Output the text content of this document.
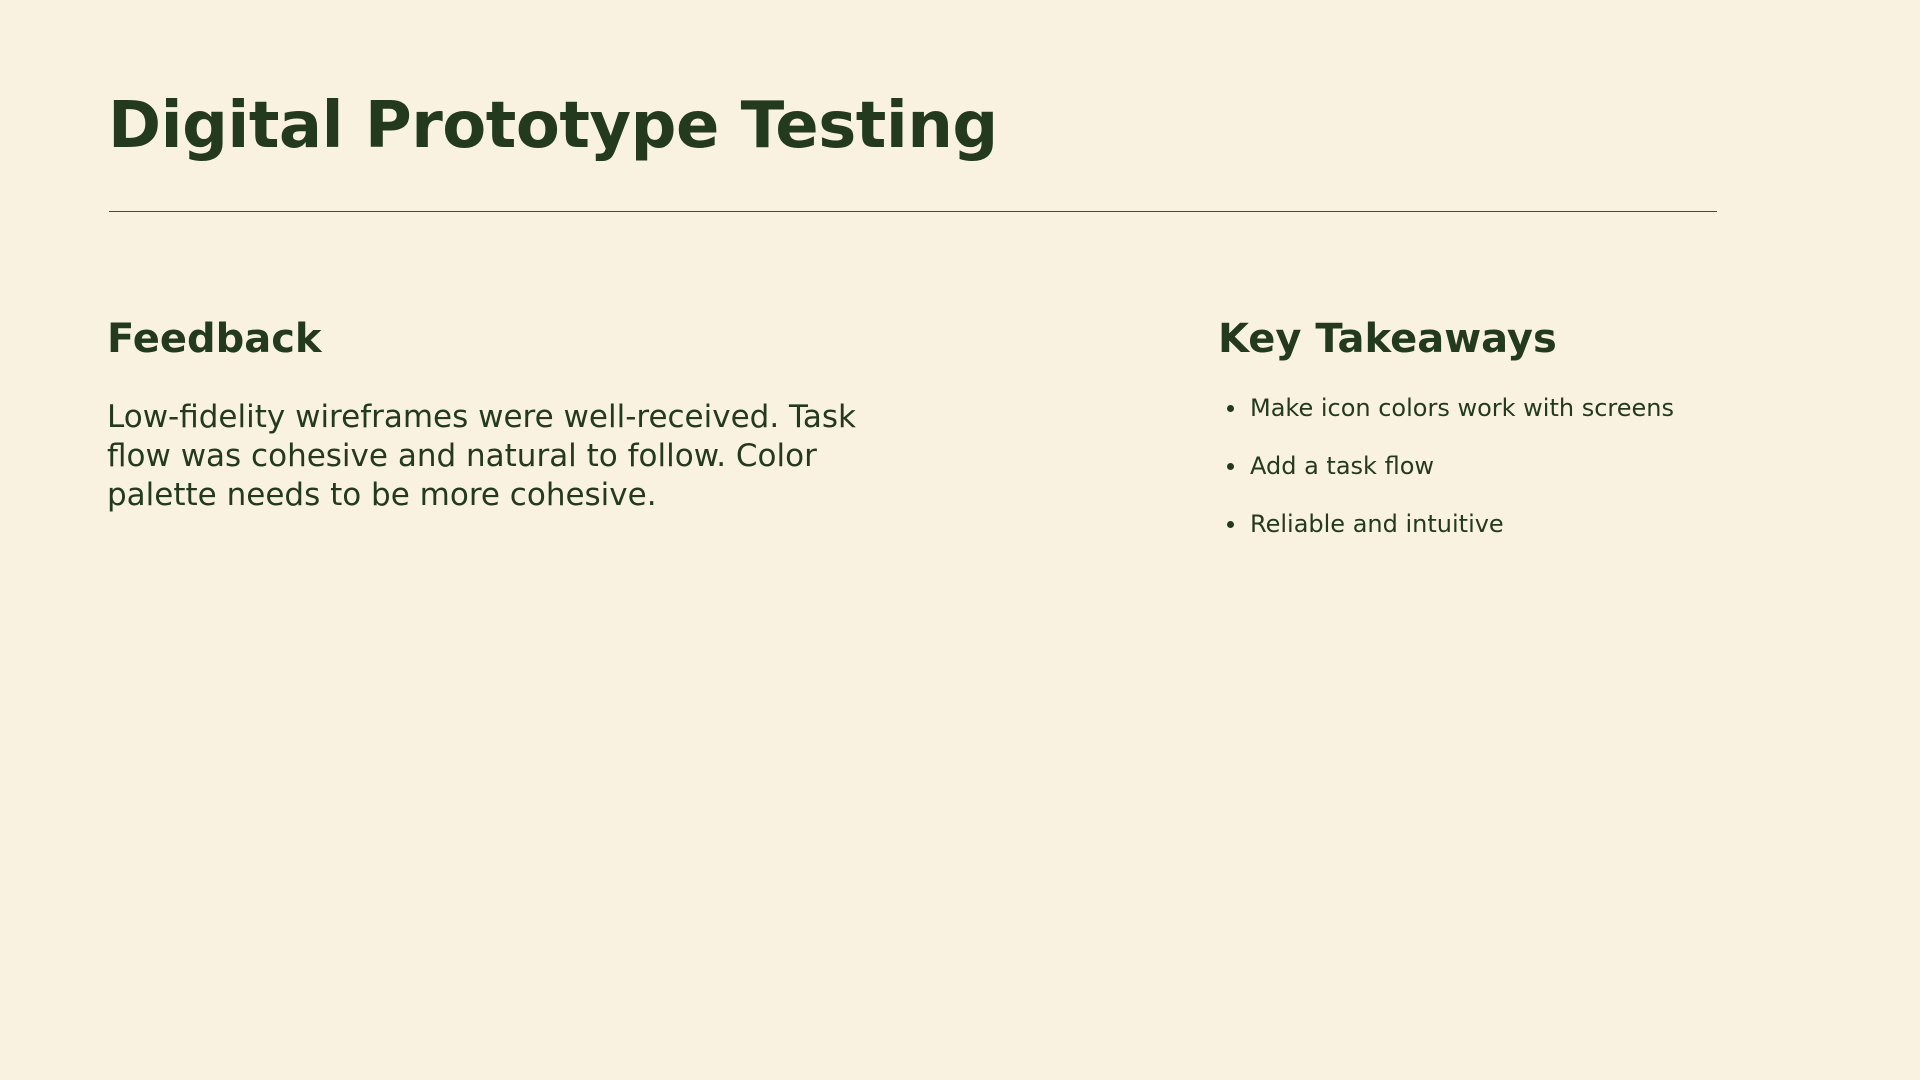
Digital Prototype Testing
Feedback

Low-fidelity wireframes were well-received. Task flow was cohesive and natural to follow. Color palette needs to be more cohesive.

Key Takeaways
Make icon colors work with screens
Add a task flow
Reliable and intuitive
